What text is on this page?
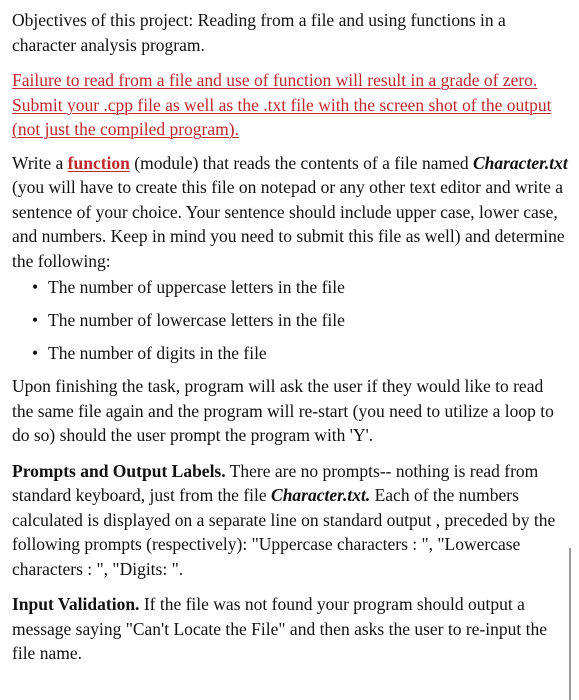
Objectives of this project: Reading from a file and using functions in a character analysis program.

Failure to read from a file and use of function will result in a grade of zero. Submit your .cpp file as well as the .txt file with the screen shot of the output (not just the compiled program).

Write a function (module) that reads the contents of a file named Character.txt (you will have to create this file on notepad or any other text editor and write a sentence of your choice. Your sentence should include upper case, lower case, and numbers. Keep in mind you need to submit this file as well) and determine the following:

• The number of uppercase letters in the file
• The number of lowercase letters in the file
• The number of digits in the file

Upon finishing the task, program will ask the user if they would like to read the same file again and the program will re-start (you need to utilize a loop to do so) should the user prompt the program with 'Y'.

Prompts and Output Labels. There are no prompts-- nothing is read from standard keyboard, just from the file Character.txt. Each of the numbers calculated is displayed on a separate line on standard output , preceded by the following prompts (respectively): "Uppercase characters : ", "Lowercase characters : ", "Digits: ".

Input Validation. If the file was not found your program should output a message saying "Can't Locate the File" and then asks the user to re-input the file name.
